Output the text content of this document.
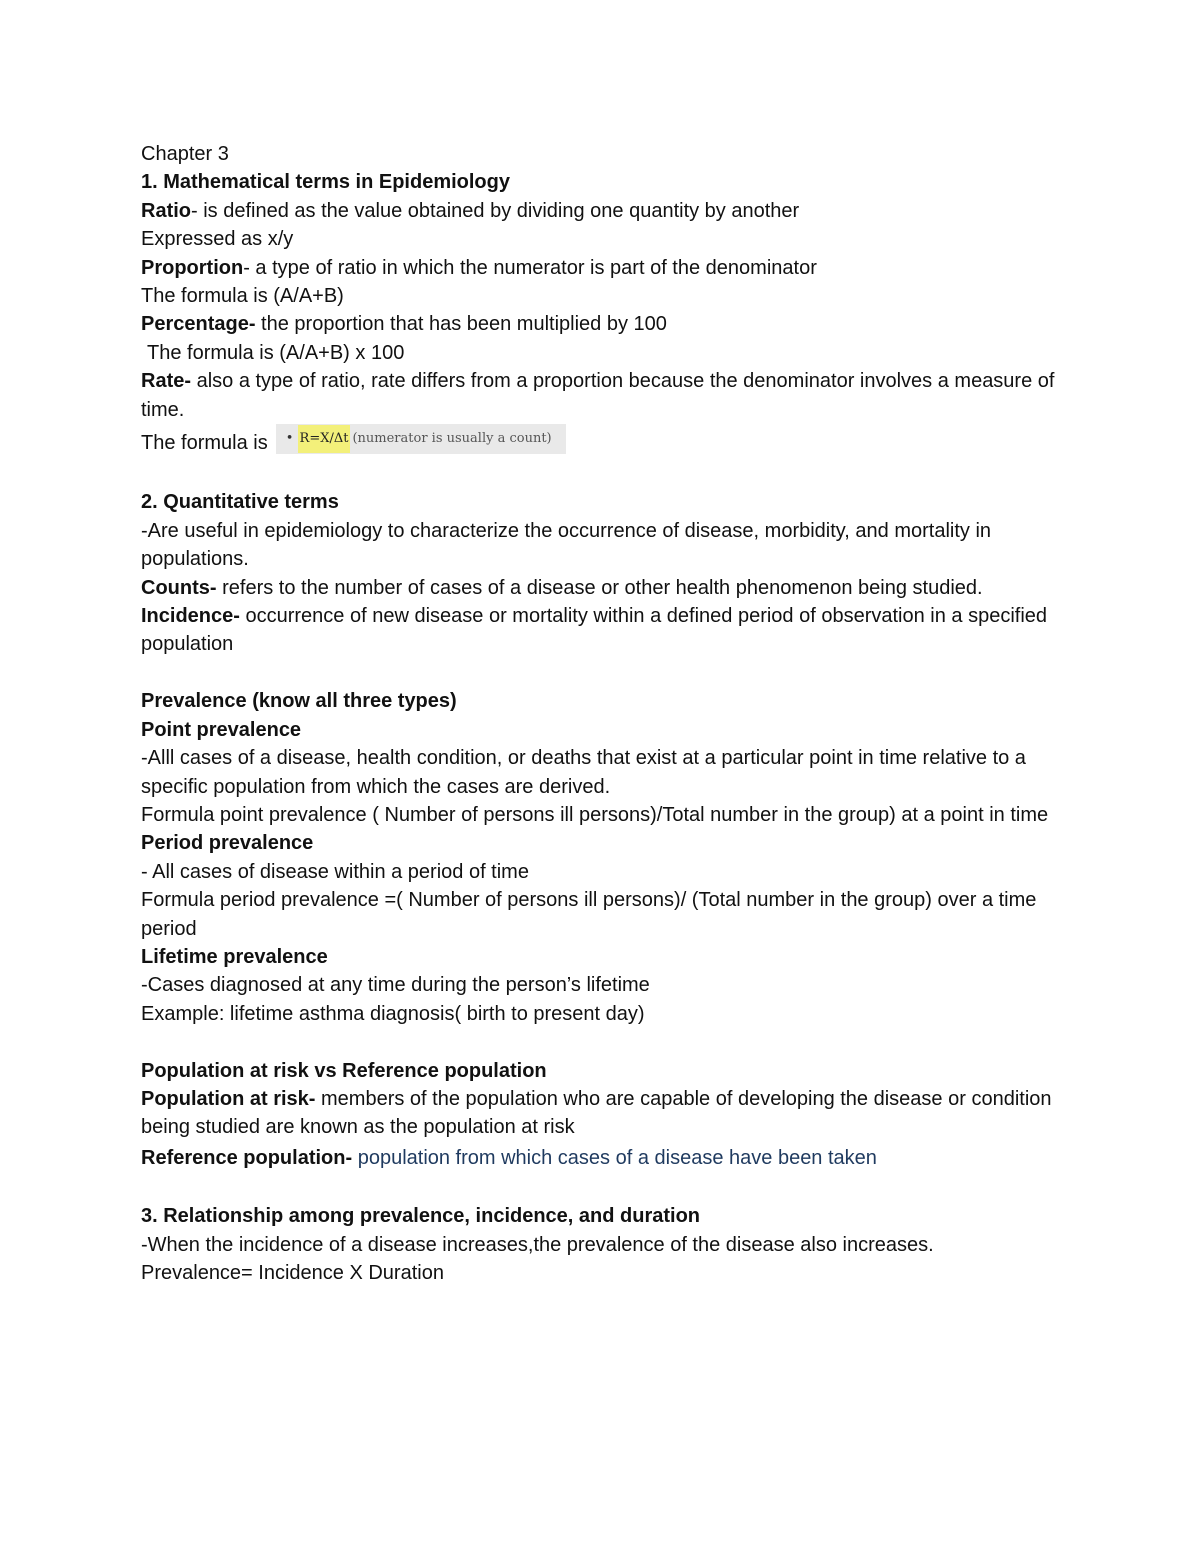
Chapter 3
1. Mathematical terms in Epidemiology
Ratio- is defined as the value obtained by dividing one quantity by another
Expressed as x/y
Proportion- a type of ratio in which the numerator is part of the denominator
The formula is (A/A+B)
Percentage- the proportion that has been multiplied by 100
The formula is (A/A+B) x 100
Rate- also a type of ratio, rate differs from a proportion because the denominator involves a measure of time.
The formula is •
R=X/Δt (numerator is usually a count)
2. Quantitative terms
-Are useful in epidemiology to characterize the occurrence of disease, morbidity, and mortality in populations.
Counts- refers to the number of cases of a disease or other health phenomenon being studied.
Incidence- occurrence of new disease or mortality within a defined period of observation in a specified population
Prevalence (know all three types)
Point prevalence
-Alll cases of a disease, health condition, or deaths that exist at a particular point in time relative to a specific population from which the cases are derived.
Formula point prevalence ( Number of persons ill persons)/Total number in the group) at a point in time
Period prevalence
- All cases of disease within a period of time
Formula period prevalence =( Number of persons ill persons)/ (Total number in the group) over a time period
Lifetime prevalence
-Cases diagnosed at any time during the person’s lifetime
Example: lifetime asthma diagnosis( birth to present day)
Population at risk vs Reference population
Population at risk- members of the population who are capable of developing the disease or condition being studied are known as the population at risk
Reference population- population from which cases of a disease have been taken
3. Relationship among prevalence, incidence, and duration
-When the incidence of a disease increases,the prevalence of the disease also increases.
Prevalence= Incidence X Duration
